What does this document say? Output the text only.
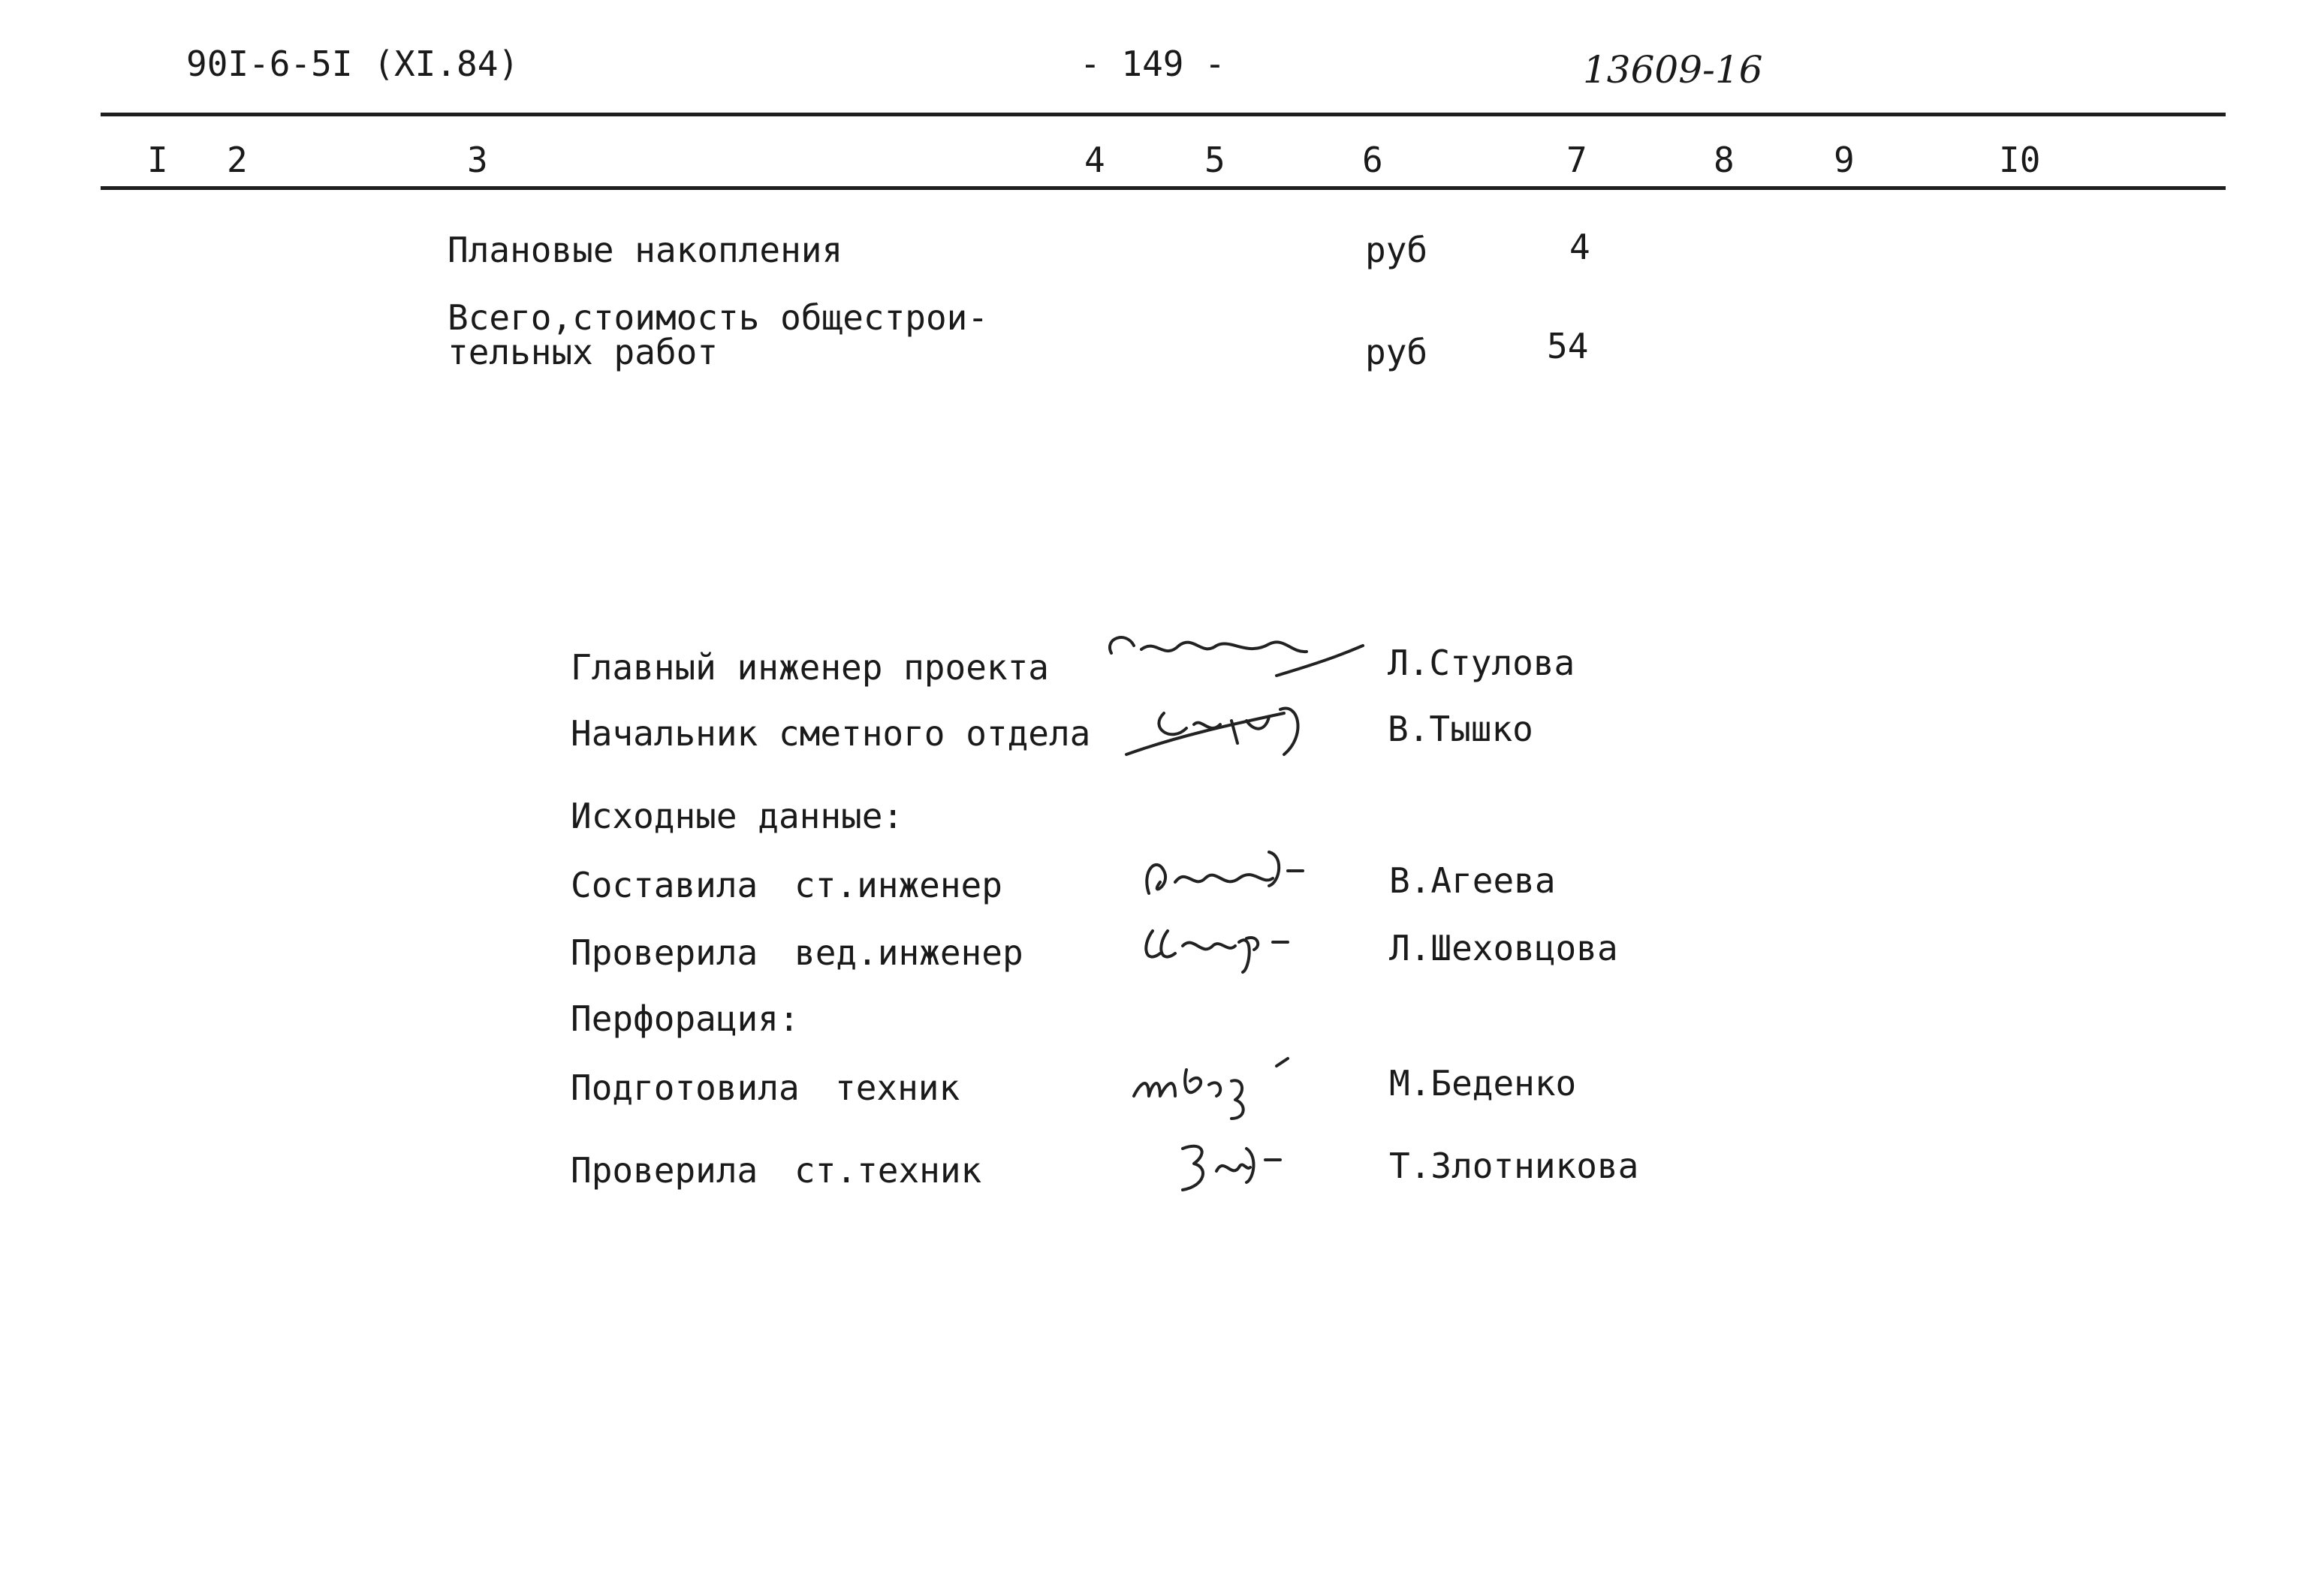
90I-6-5I (XI.84)	- 149 -	13609-16
I 2	3	4	5	6	7	8	9	I0
Плановые накопления	руб	4
Всего,стоимость общестрои-
тельных работ	руб	54
Главный инженер проекта	Л.Стулова
Начальник сметного отдела	В.Тышко
Исходные данные:
Составила ст.инженер	В.Агеева
Проверила вед.инженер	Л.Шеховцова
Перфорация:
Подготовила техник	М.Беденко
Проверила ст.техник	Т.Злотникова
